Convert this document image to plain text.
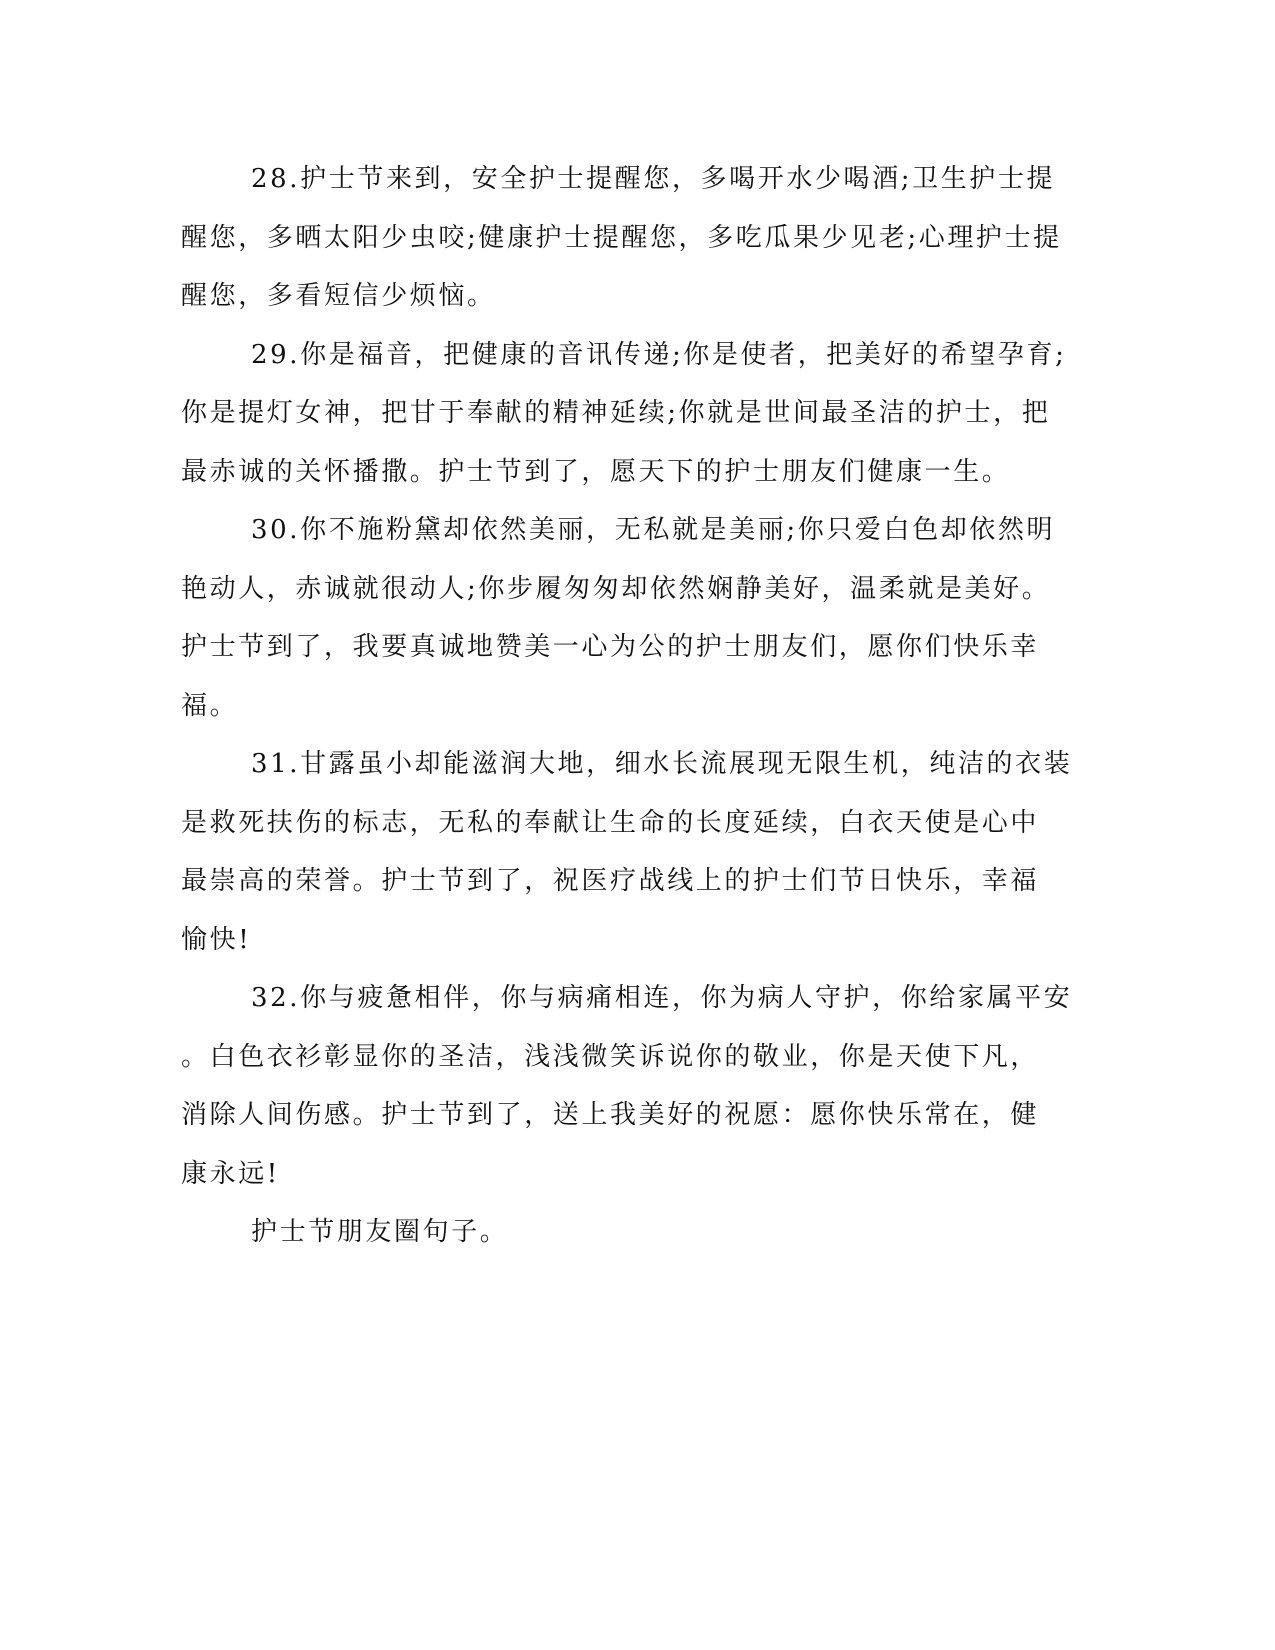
28.护士节来到，安全护士提醒您，多喝开水少喝酒;卫生护士提
醒您，多晒太阳少虫咬;健康护士提醒您，多吃瓜果少见老;心理护士提
醒您，多看短信少烦恼。
29.你是福音，把健康的音讯传递;你是使者，把美好的希望孕育;
你是提灯女神，把甘于奉献的精神延续;你就是世间最圣洁的护士，把
最赤诚的关怀播撒。护士节到了，愿天下的护士朋友们健康一生。
30.你不施粉黛却依然美丽，无私就是美丽;你只爱白色却依然明
艳动人，赤诚就很动人;你步履匆匆却依然娴静美好，温柔就是美好。
护士节到了，我要真诚地赞美一心为公的护士朋友们，愿你们快乐幸
福。
31.甘露虽小却能滋润大地，细水长流展现无限生机，纯洁的衣装
是救死扶伤的标志，无私的奉献让生命的长度延续，白衣天使是心中
最崇高的荣誉。护士节到了，祝医疗战线上的护士们节日快乐，幸福
愉快!
32.你与疲惫相伴，你与病痛相连，你为病人守护，你给家属平安
。白色衣衫彰显你的圣洁，浅浅微笑诉说你的敬业，你是天使下凡，
消除人间伤感。护士节到了，送上我美好的祝愿：愿你快乐常在，健
康永远!
护士节朋友圈句子。
